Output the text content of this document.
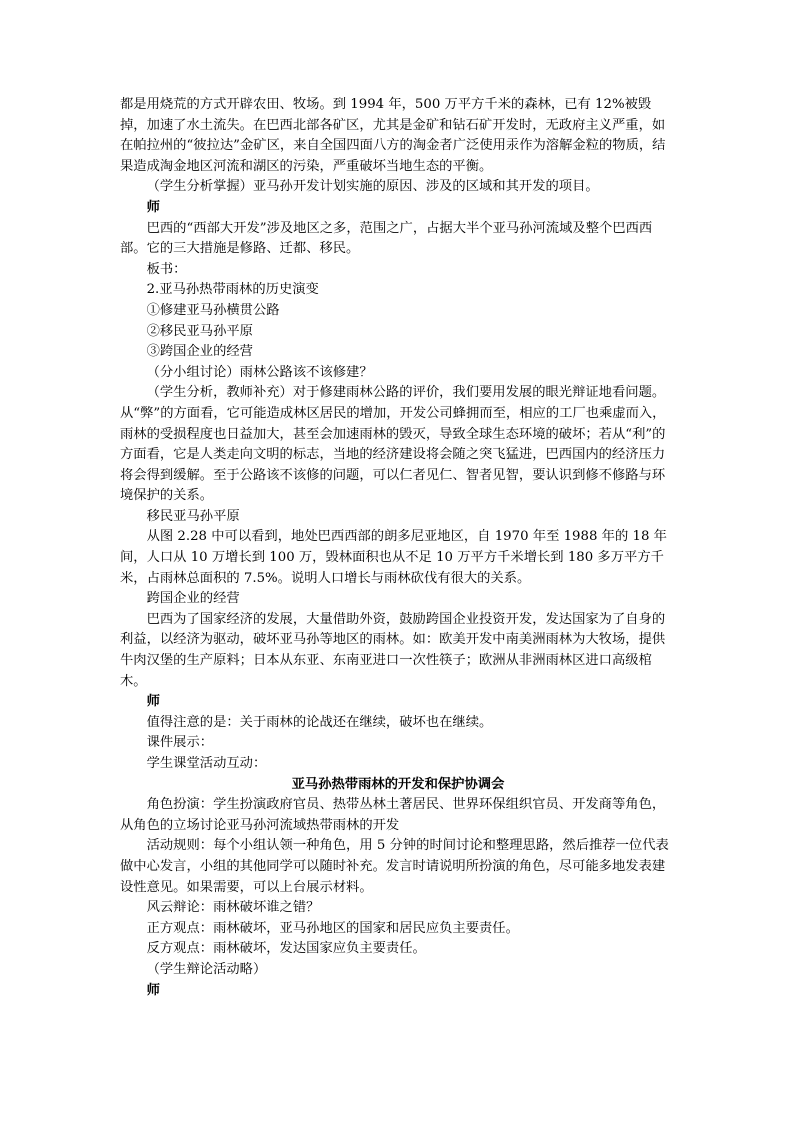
都是用烧荒的方式开辟农田、牧场。到 1994 年，500 万平方千米的森林，已有 12%被毁掉，加速了水土流失。在巴西北部各矿区，尤其是金矿和钻石矿开发时，无政府主义严重，如在帕拉州的“彼拉达”金矿区，来自全国四面八方的淘金者广泛使用汞作为溶解金粒的物质，结果造成淘金地区河流和湖区的污染，严重破坏当地生态的平衡。

（学生分析掌握）亚马孙开发计划实施的原因、涉及的区域和其开发的项目。

师

巴西的“西部大开发”涉及地区之多，范围之广，占据大半个亚马孙河流域及整个巴西西部。它的三大措施是修路、迁都、移民。

板书：

2.亚马孙热带雨林的历史演变

①修建亚马孙横贯公路

②移民亚马孙平原

③跨国企业的经营

（分小组讨论）雨林公路该不该修建？

（学生分析，教师补充）对于修建雨林公路的评价，我们要用发展的眼光辩证地看问题。从“弊”的方面看，它可能造成林区居民的增加，开发公司蜂拥而至，相应的工厂也乘虚而入，雨林的受损程度也日益加大，甚至会加速雨林的毁灭，导致全球生态环境的破坏；若从“利”的方面看，它是人类走向文明的标志，当地的经济建设将会随之突飞猛进，巴西国内的经济压力将会得到缓解。至于公路该不该修的问题，可以仁者见仁、智者见智，要认识到修不修路与环境保护的关系。

移民亚马孙平原

从图 2.28 中可以看到，地处巴西西部的朗多尼亚地区，自 1970 年至 1988 年的 18 年间，人口从 10 万增长到 100 万，毁林面积也从不足 10 万平方千米增长到 180 多万平方千米，占雨林总面积的 7.5%。说明人口增长与雨林砍伐有很大的关系。

跨国企业的经营

巴西为了国家经济的发展，大量借助外资，鼓励跨国企业投资开发，发达国家为了自身的利益，以经济为驱动，破坏亚马孙等地区的雨林。如：欧美开发中南美洲雨林为大牧场，提供牛肉汉堡的生产原料；日本从东亚、东南亚进口一次性筷子；欧洲从非洲雨林区进口高级棺木。

师

值得注意的是：关于雨林的论战还在继续，破坏也在继续。

课件展示：

学生课堂活动互动：

亚马孙热带雨林的开发和保护协调会

角色扮演：学生扮演政府官员、热带丛林土著居民、世界环保组织官员、开发商等角色，从角色的立场讨论亚马孙河流域热带雨林的开发

活动规则：每个小组认领一种角色，用 5 分钟的时间讨论和整理思路，然后推荐一位代表做中心发言，小组的其他同学可以随时补充。发言时请说明所扮演的角色，尽可能多地发表建设性意见。如果需要，可以上台展示材料。

风云辩论：雨林破坏谁之错？

正方观点：雨林破坏，亚马孙地区的国家和居民应负主要责任。

反方观点：雨林破坏，发达国家应负主要责任。

（学生辩论活动略）

师
